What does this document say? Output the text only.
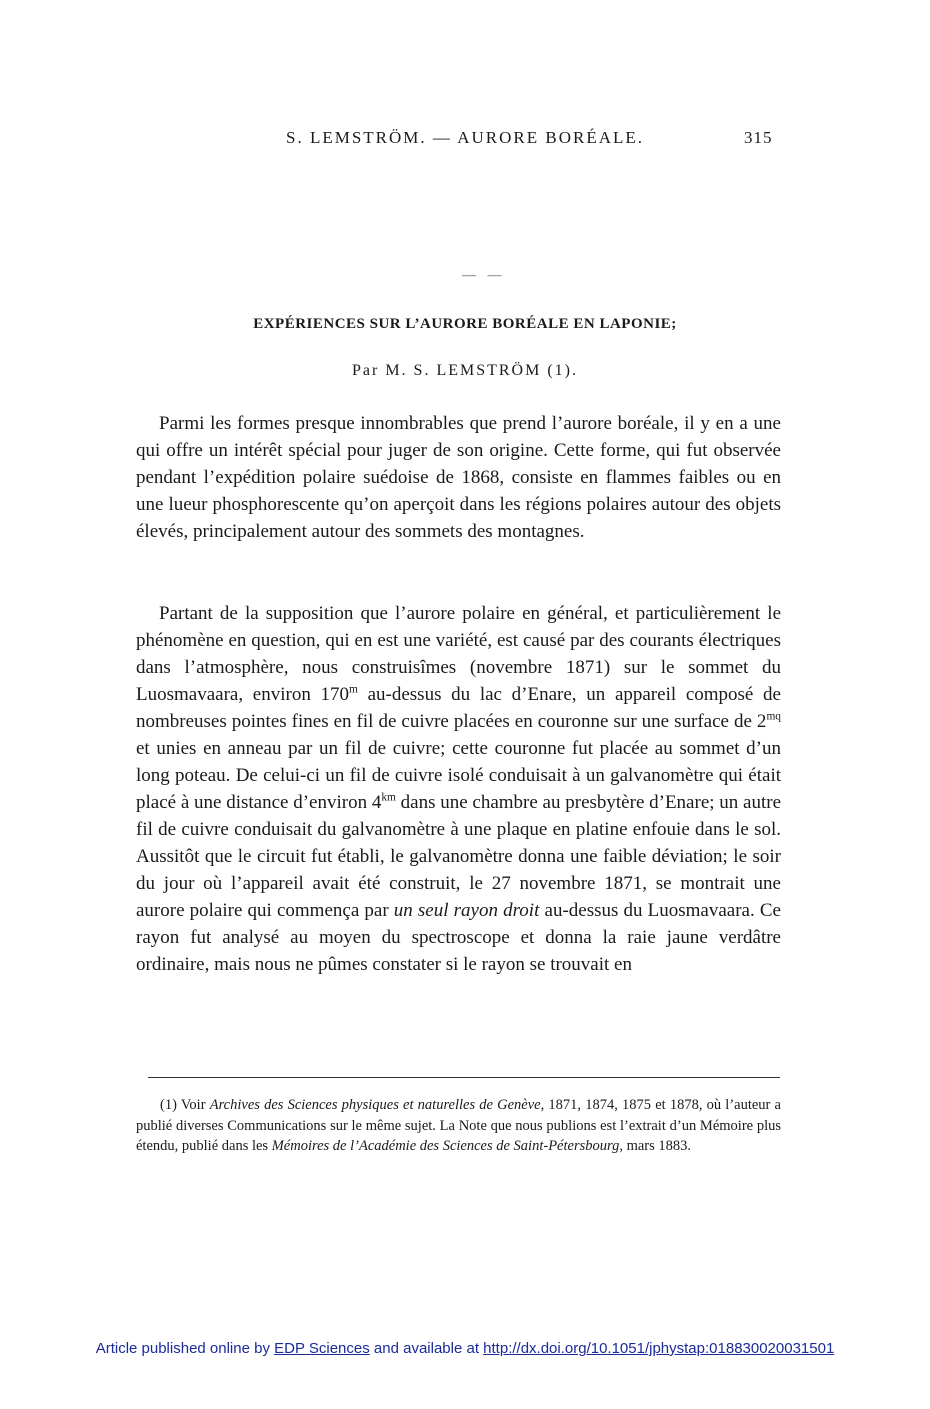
S. LEMSTRÖM. — AURORE BORÉALE.	315
— —
EXPÉRIENCES SUR L’AURORE BORÉALE EN LAPONIE;
Par M. S. LEMSTRÖM (1).

Parmi les formes presque innombrables que prend l’aurore boréale, il y en a une qui offre un intérêt spécial pour juger de son origine. Cette forme, qui fut observée pendant l’expédition polaire suédoise de 1868, consiste en flammes faibles ou en une lueur phosphorescente qu’on aperçoit dans les régions polaires autour des objets élevés, principalement autour des sommets des montagnes.

Partant de la supposition que l’aurore polaire en général, et particulièrement le phénomène en question, qui en est une variété, est causé par des courants électriques dans l’atmosphère, nous construisîmes (novembre 1871) sur le sommet du Luosmavaara, environ 170$^m$ au-dessus du lac d’Enare, un appareil composé de nombreuses pointes fines en fil de cuivre placées en couronne sur une surface de $2^{mq}$ et unies en anneau par un fil de cuivre; cette couronne fut placée au sommet d’un long poteau. De celui-ci un fil de cuivre isolé conduisait à un galvanomètre qui était placé à une distance d’environ $4^{km}$ dans une chambre au presbytère d’Enare; un autre fil de cuivre conduisait du galvanomètre à une plaque en platine enfouie dans le sol. Aussitôt que le circuit fut établi, le galvanomètre donna une faible déviation; le soir du jour où l’appareil avait été construit, le 27 novembre 1871, se montrait une aurore polaire qui commença par un seul rayon droit au-dessus du Luosmavaara. Ce rayon fut analysé au moyen du spectroscope et donna la raie jaune verdâtre ordinaire, mais nous ne pûmes constater si le rayon se trouvait en

(1) Voir Archives des Sciences physiques et naturelles de Genève, 1871, 1874, 1875 et 1878, où l’auteur a publié diverses Communications sur le même sujet. La Note que nous publions est l’extrait d’un Mémoire plus étendu, publié dans les Mémoires de l’Académie des Sciences de Saint-Pétersbourg, mars 1883.
Article published online by EDP Sciences and available at http://dx.doi.org/10.1051/jphystap:018830020031501
